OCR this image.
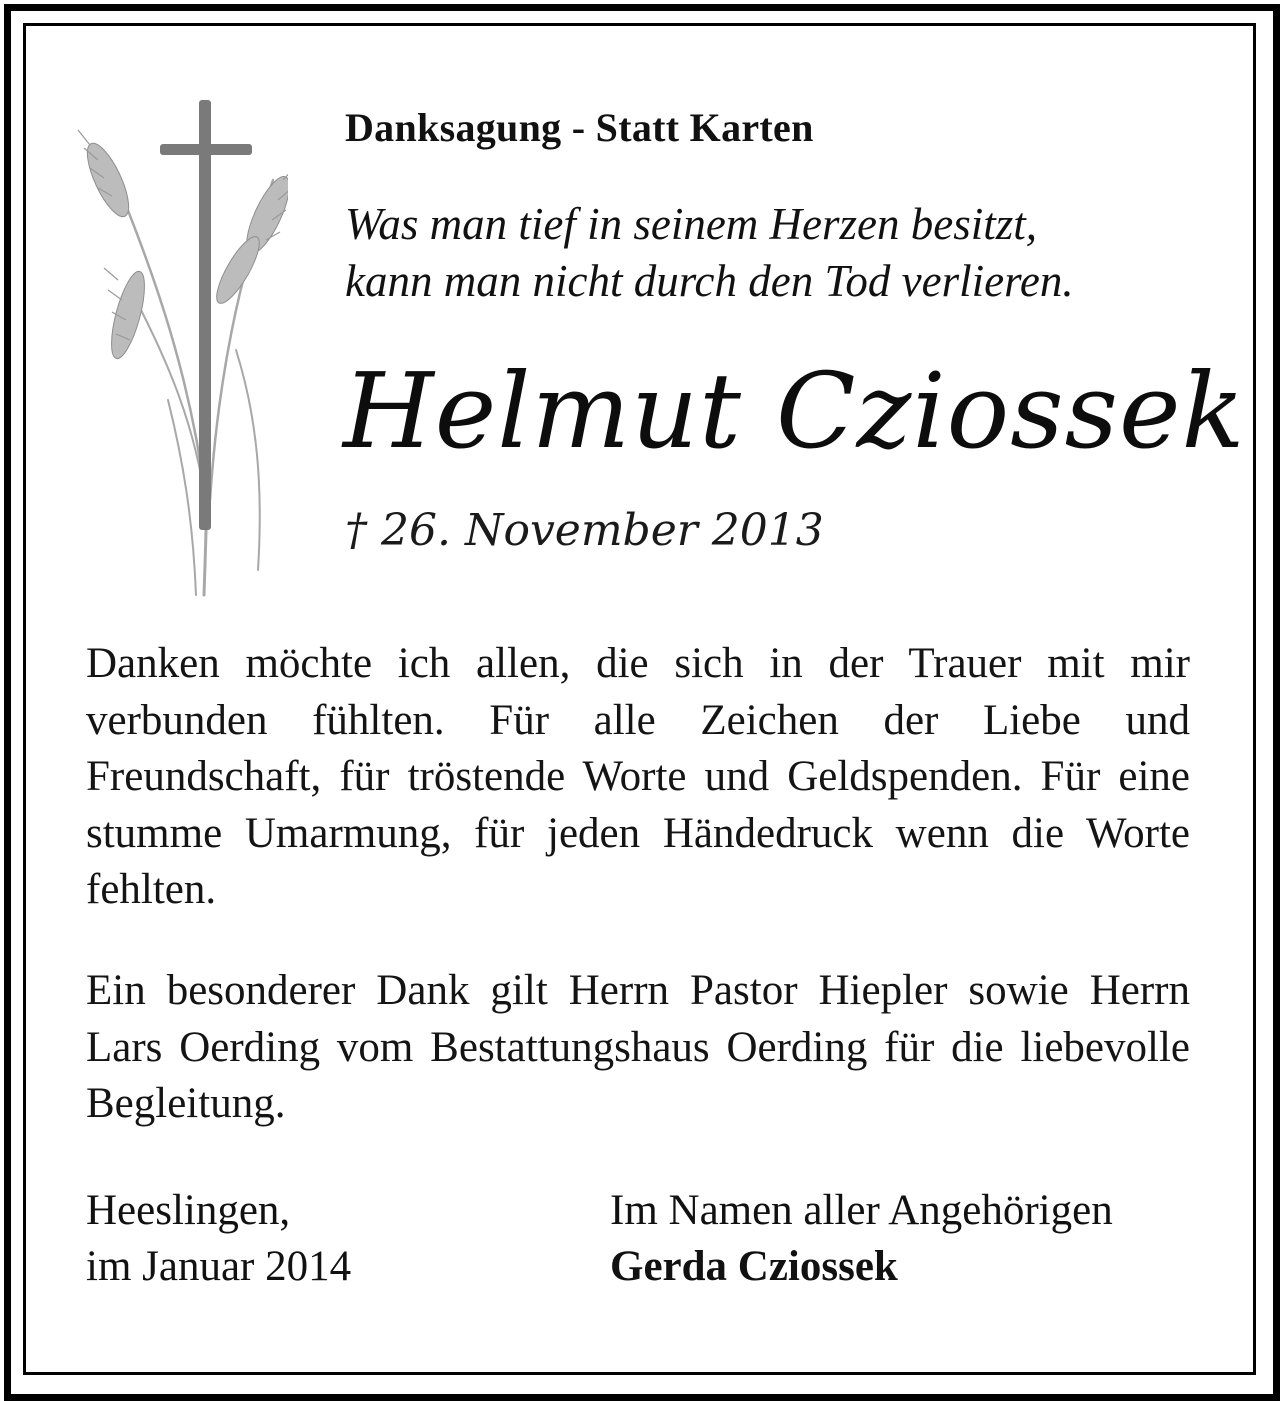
Danksagung - Statt Karten
Was man tief in seinem Herzen besitzt,
kann man nicht durch den Tod verlieren.
Helmut Cziossek
† 26. November 2013
Danken möchte ich allen, die sich in der Trauer mit mir verbunden fühlten. Für alle Zeichen der Liebe und Freundschaft, für tröstende Worte und Geldspenden. Für eine stumme Umarmung, für jeden Händedruck wenn die Worte fehlten.
Ein besonderer Dank gilt Herrn Pastor Hiepler sowie Herrn Lars Oerding vom Bestattungshaus Oerding für die liebevolle Begleitung.
Heeslingen,
im Januar 2014
Im Namen aller Angehörigen
Gerda Cziossek
